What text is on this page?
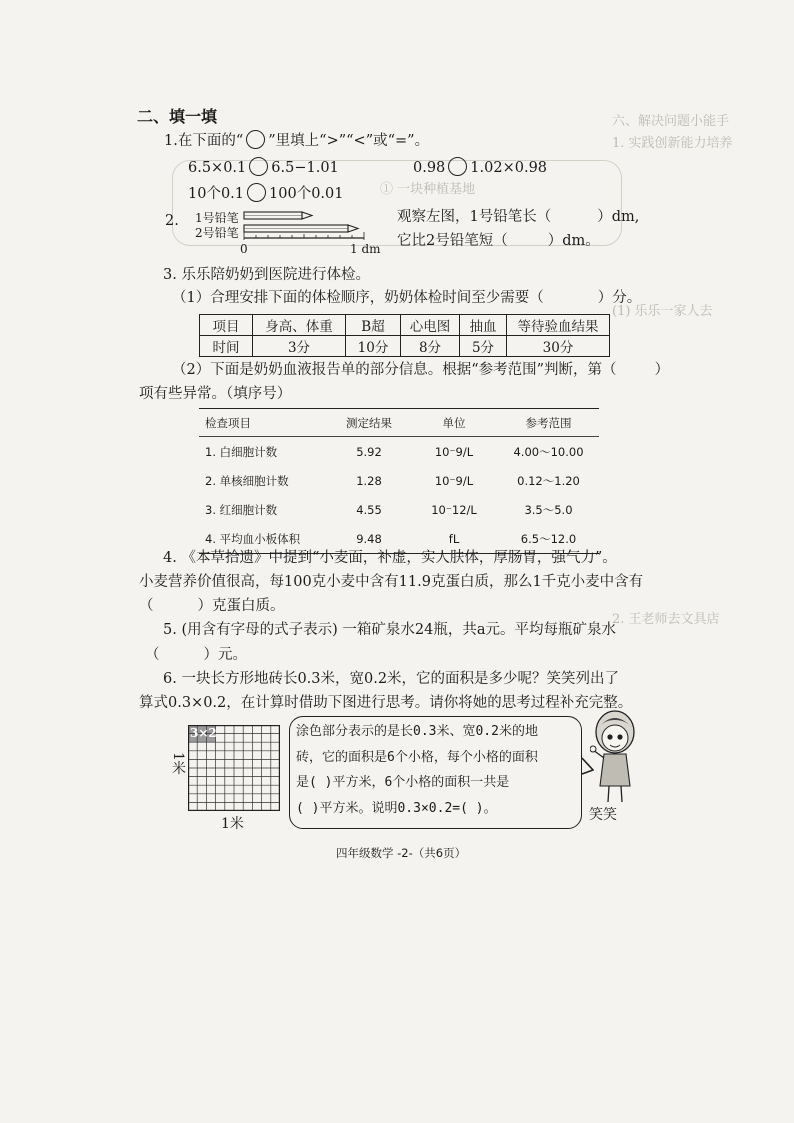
六、解决问题小能手
1. 实践创新能力培养
① 一块种植基地
(1) 乐乐一家人去
2. 王老师去文具店
二、填一填
1.在下面的“ ”里填上“>”“<”或“=”。
6.5×0.1 6.5−1.01	0.98 1.02×0.98
10个0.1 100个0.01
2. 1号铅笔
2号铅笔
0	1 dm
观察左图，1号铅笔长（	）dm,
它比2号铅笔短（	）dm。
3. 乐乐陪奶奶到医院进行体检。
（1）合理安排下面的体检顺序，奶奶体检时间至少需要（	）分。
项目	身高、体重	B超	心电图	抽血	等待验血结果
时间	3分	10分	8分	5分	30分
（2）下面是奶奶血液报告单的部分信息。根据“参考范围”判断，第（	）
项有些异常。（填序号）
检查项目	测定结果	单位	参考范围
1. 白细胞计数	5.92	10⁻9/L	4.00～10.00
2. 单核细胞计数	1.28	10⁻9/L	0.12～1.20
3. 红细胞计数	4.55	10⁻12/L	3.5～5.0
4. 平均血小板体积	9.48	fL	6.5～12.0
4. 《本草拾遗》中提到“小麦面，补虚，实人肤体，厚肠胃，强气力”。
小麦营养价值很高，每100克小麦中含有11.9克蛋白质，那么1千克小麦中含有
（	）克蛋白质。
5. (用含有字母的式子表示) 一箱矿泉水24瓶，共a元。平均每瓶矿泉水
（	）元。
6. 一块长方形地砖长0.3米，宽0.2米，它的面积是多少呢？笑笑列出了
算式0.3×0.2，在计算时借助下图进行思考。请你将她的思考过程补充完整。
3×2
1米
1米
涂色部分表示的是长0.3米、宽0.2米的地
砖，它的面积是6个小格，每个小格的面积
是( )平方米，6个小格的面积一共是
( )平方米。说明0.3×0.2=( )。	笑笑
四年级数学 -2-（共6页）
